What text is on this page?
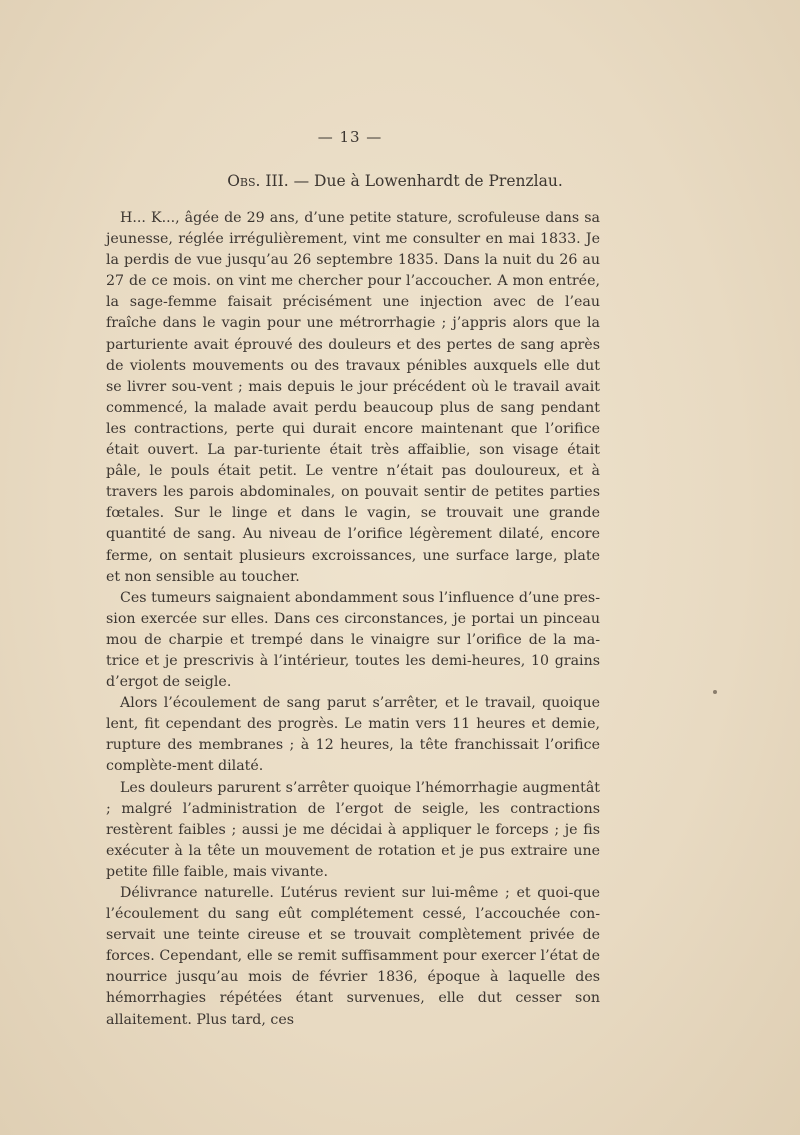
— 13 —
Obs. III. — Due à Lowenhardt de Prenzlau.

H... K..., âgée de 29 ans, d’une petite stature, scrofuleuse dans sa jeunesse, réglée irrégulièrement, vint me consulter en mai 1833. Je la perdis de vue jusqu’au 26 septembre 1835. Dans la nuit du 26 au 27 de ce mois. on vint me chercher pour l’accoucher. A mon entrée, la sage-femme faisait précisément une injection avec de l’eau fraîche dans le vagin pour une métrorrhagie ; j’appris alors que la parturiente avait éprouvé des douleurs et des pertes de sang après de violents mouvements ou des travaux pénibles auxquels elle dut se livrer sou-vent ; mais depuis le jour précédent où le travail avait commencé, la malade avait perdu beaucoup plus de sang pendant les contractions, perte qui durait encore maintenant que l’orifice était ouvert. La par-turiente était très affaiblie, son visage était pâle, le pouls était petit. Le ventre n’était pas douloureux, et à travers les parois abdominales, on pouvait sentir de petites parties fœtales. Sur le linge et dans le vagin, se trouvait une grande quantité de sang. Au niveau de l’orifice légèrement dilaté, encore ferme, on sentait plusieurs excroissances, une surface large, plate et non sensible au toucher.

Ces tumeurs saignaient abondamment sous l’influence d’une pres-sion exercée sur elles. Dans ces circonstances, je portai un pinceau mou de charpie et trempé dans le vinaigre sur l’orifice de la ma-trice et je prescrivis à l’intérieur, toutes les demi-heures, 10 grains d’ergot de seigle.

Alors l’écoulement de sang parut s’arrêter, et le travail, quoique lent, fit cependant des progrès. Le matin vers 11 heures et demie, rupture des membranes ; à 12 heures, la tête franchissait l’orifice complète-ment dilaté.

Les douleurs parurent s’arrêter quoique l’hémorrhagie augmentât ; malgré l’administration de l’ergot de seigle, les contractions restèrent faibles ; aussi je me décidai à appliquer le forceps ; je fis exécuter à la tête un mouvement de rotation et je pus extraire une petite fille faible, mais vivante.

Délivrance naturelle. L’utérus revient sur lui-même ; et quoi-que l’écoulement du sang eût complétement cessé, l’accouchée con-servait une teinte cireuse et se trouvait complètement privée de forces. Cependant, elle se remit suffisamment pour exercer l’état de nourrice jusqu’au mois de février 1836, époque à laquelle des hémorrhagies répétées étant survenues, elle dut cesser son allaitement. Plus tard, ces
